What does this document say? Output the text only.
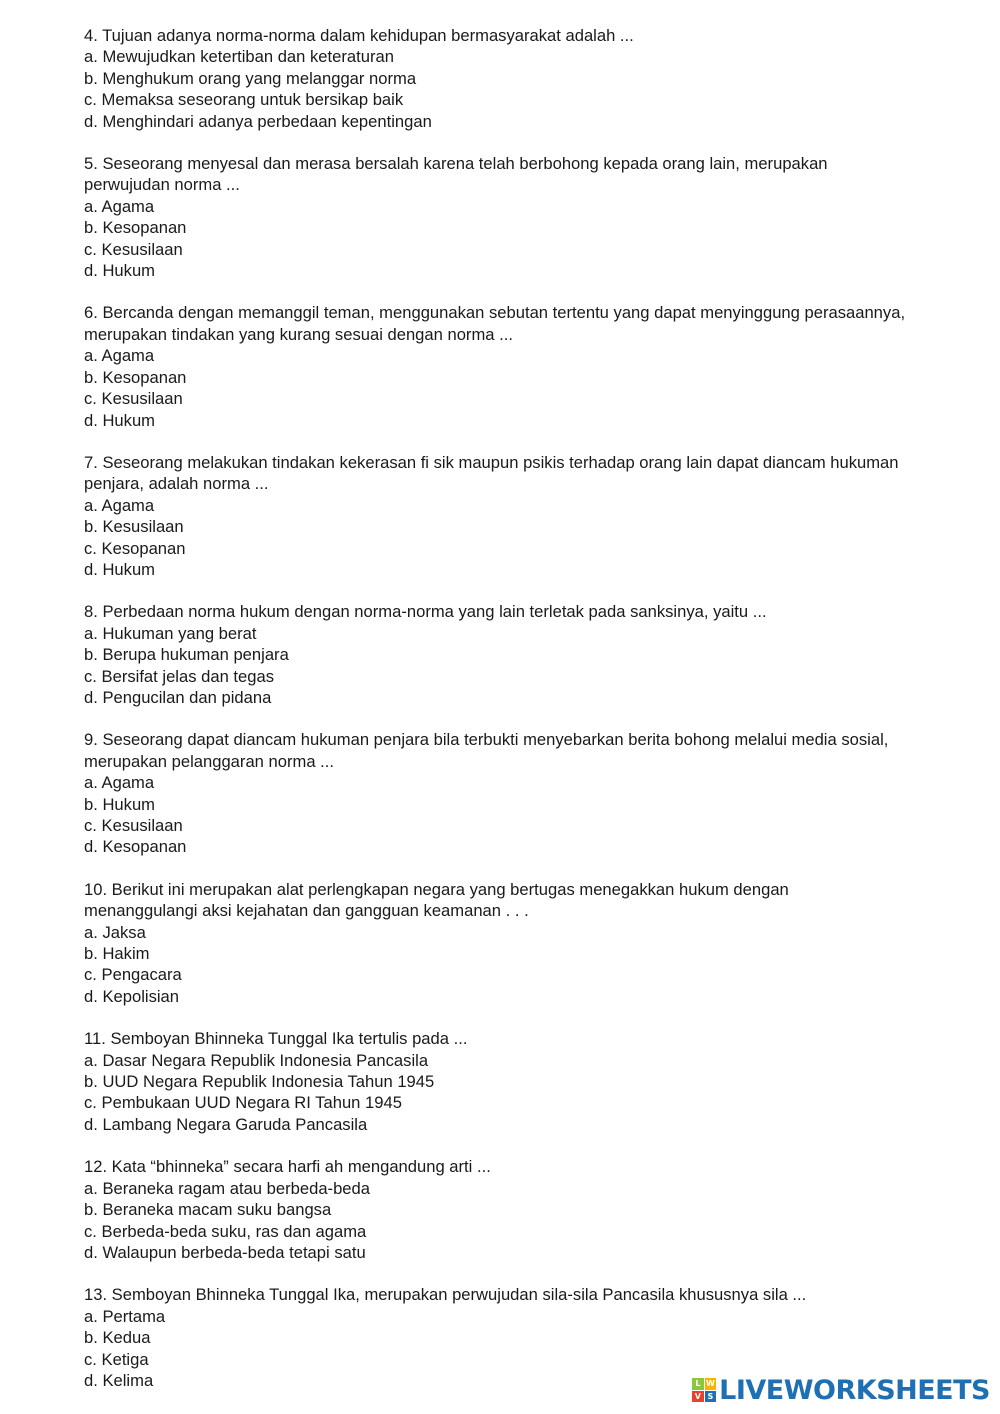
4. Tujuan adanya norma-norma dalam kehidupan bermasyarakat adalah ...

a. Mewujudkan ketertiban dan keteraturan

b. Menghukum orang yang melanggar norma

c. Memaksa seseorang untuk bersikap baik

d. Menghindari adanya perbedaan kepentingan

5. Seseorang menyesal dan merasa bersalah karena telah berbohong kepada orang lain, merupakan
perwujudan norma ...

a. Agama

b. Kesopanan

c. Kesusilaan

d. Hukum

6. Bercanda dengan memanggil teman, menggunakan sebutan tertentu yang dapat menyinggung perasaannya,
merupakan tindakan yang kurang sesuai dengan norma ...

a. Agama

b. Kesopanan

c. Kesusilaan

d. Hukum

7. Seseorang melakukan tindakan kekerasan fi sik maupun psikis terhadap orang lain dapat diancam hukuman
penjara, adalah norma ...

a. Agama

b. Kesusilaan

c. Kesopanan

d. Hukum

8. Perbedaan norma hukum dengan norma-norma yang lain terletak pada sanksinya, yaitu ...

a. Hukuman yang berat

b. Berupa hukuman penjara

c. Bersifat jelas dan tegas

d. Pengucilan dan pidana

9. Seseorang dapat diancam hukuman penjara bila terbukti menyebarkan berita bohong melalui media sosial,
merupakan pelanggaran norma ...

a. Agama

b. Hukum

c. Kesusilaan

d. Kesopanan

10. Berikut ini merupakan alat perlengkapan negara yang bertugas menegakkan hukum dengan
menanggulangi aksi kejahatan dan gangguan keamanan . . .

a. Jaksa

b. Hakim

c. Pengacara

d. Kepolisian

11. Semboyan Bhinneka Tunggal Ika tertulis pada ...

a. Dasar Negara Republik Indonesia Pancasila

b. UUD Negara Republik Indonesia Tahun 1945

c. Pembukaan UUD Negara RI Tahun 1945

d. Lambang Negara Garuda Pancasila

12. Kata “bhinneka” secara harfi ah mengandung arti ...

a. Beraneka ragam atau berbeda-beda

b. Beraneka macam suku bangsa

c. Berbeda-beda suku, ras dan agama

d. Walaupun berbeda-beda tetapi satu

13. Semboyan Bhinneka Tunggal Ika, merupakan perwujudan sila-sila Pancasila khususnya sila ...

a. Pertama

b. Kedua

c. Ketiga

d. Kelima	L W
V S LIVEWORKSHEETS
